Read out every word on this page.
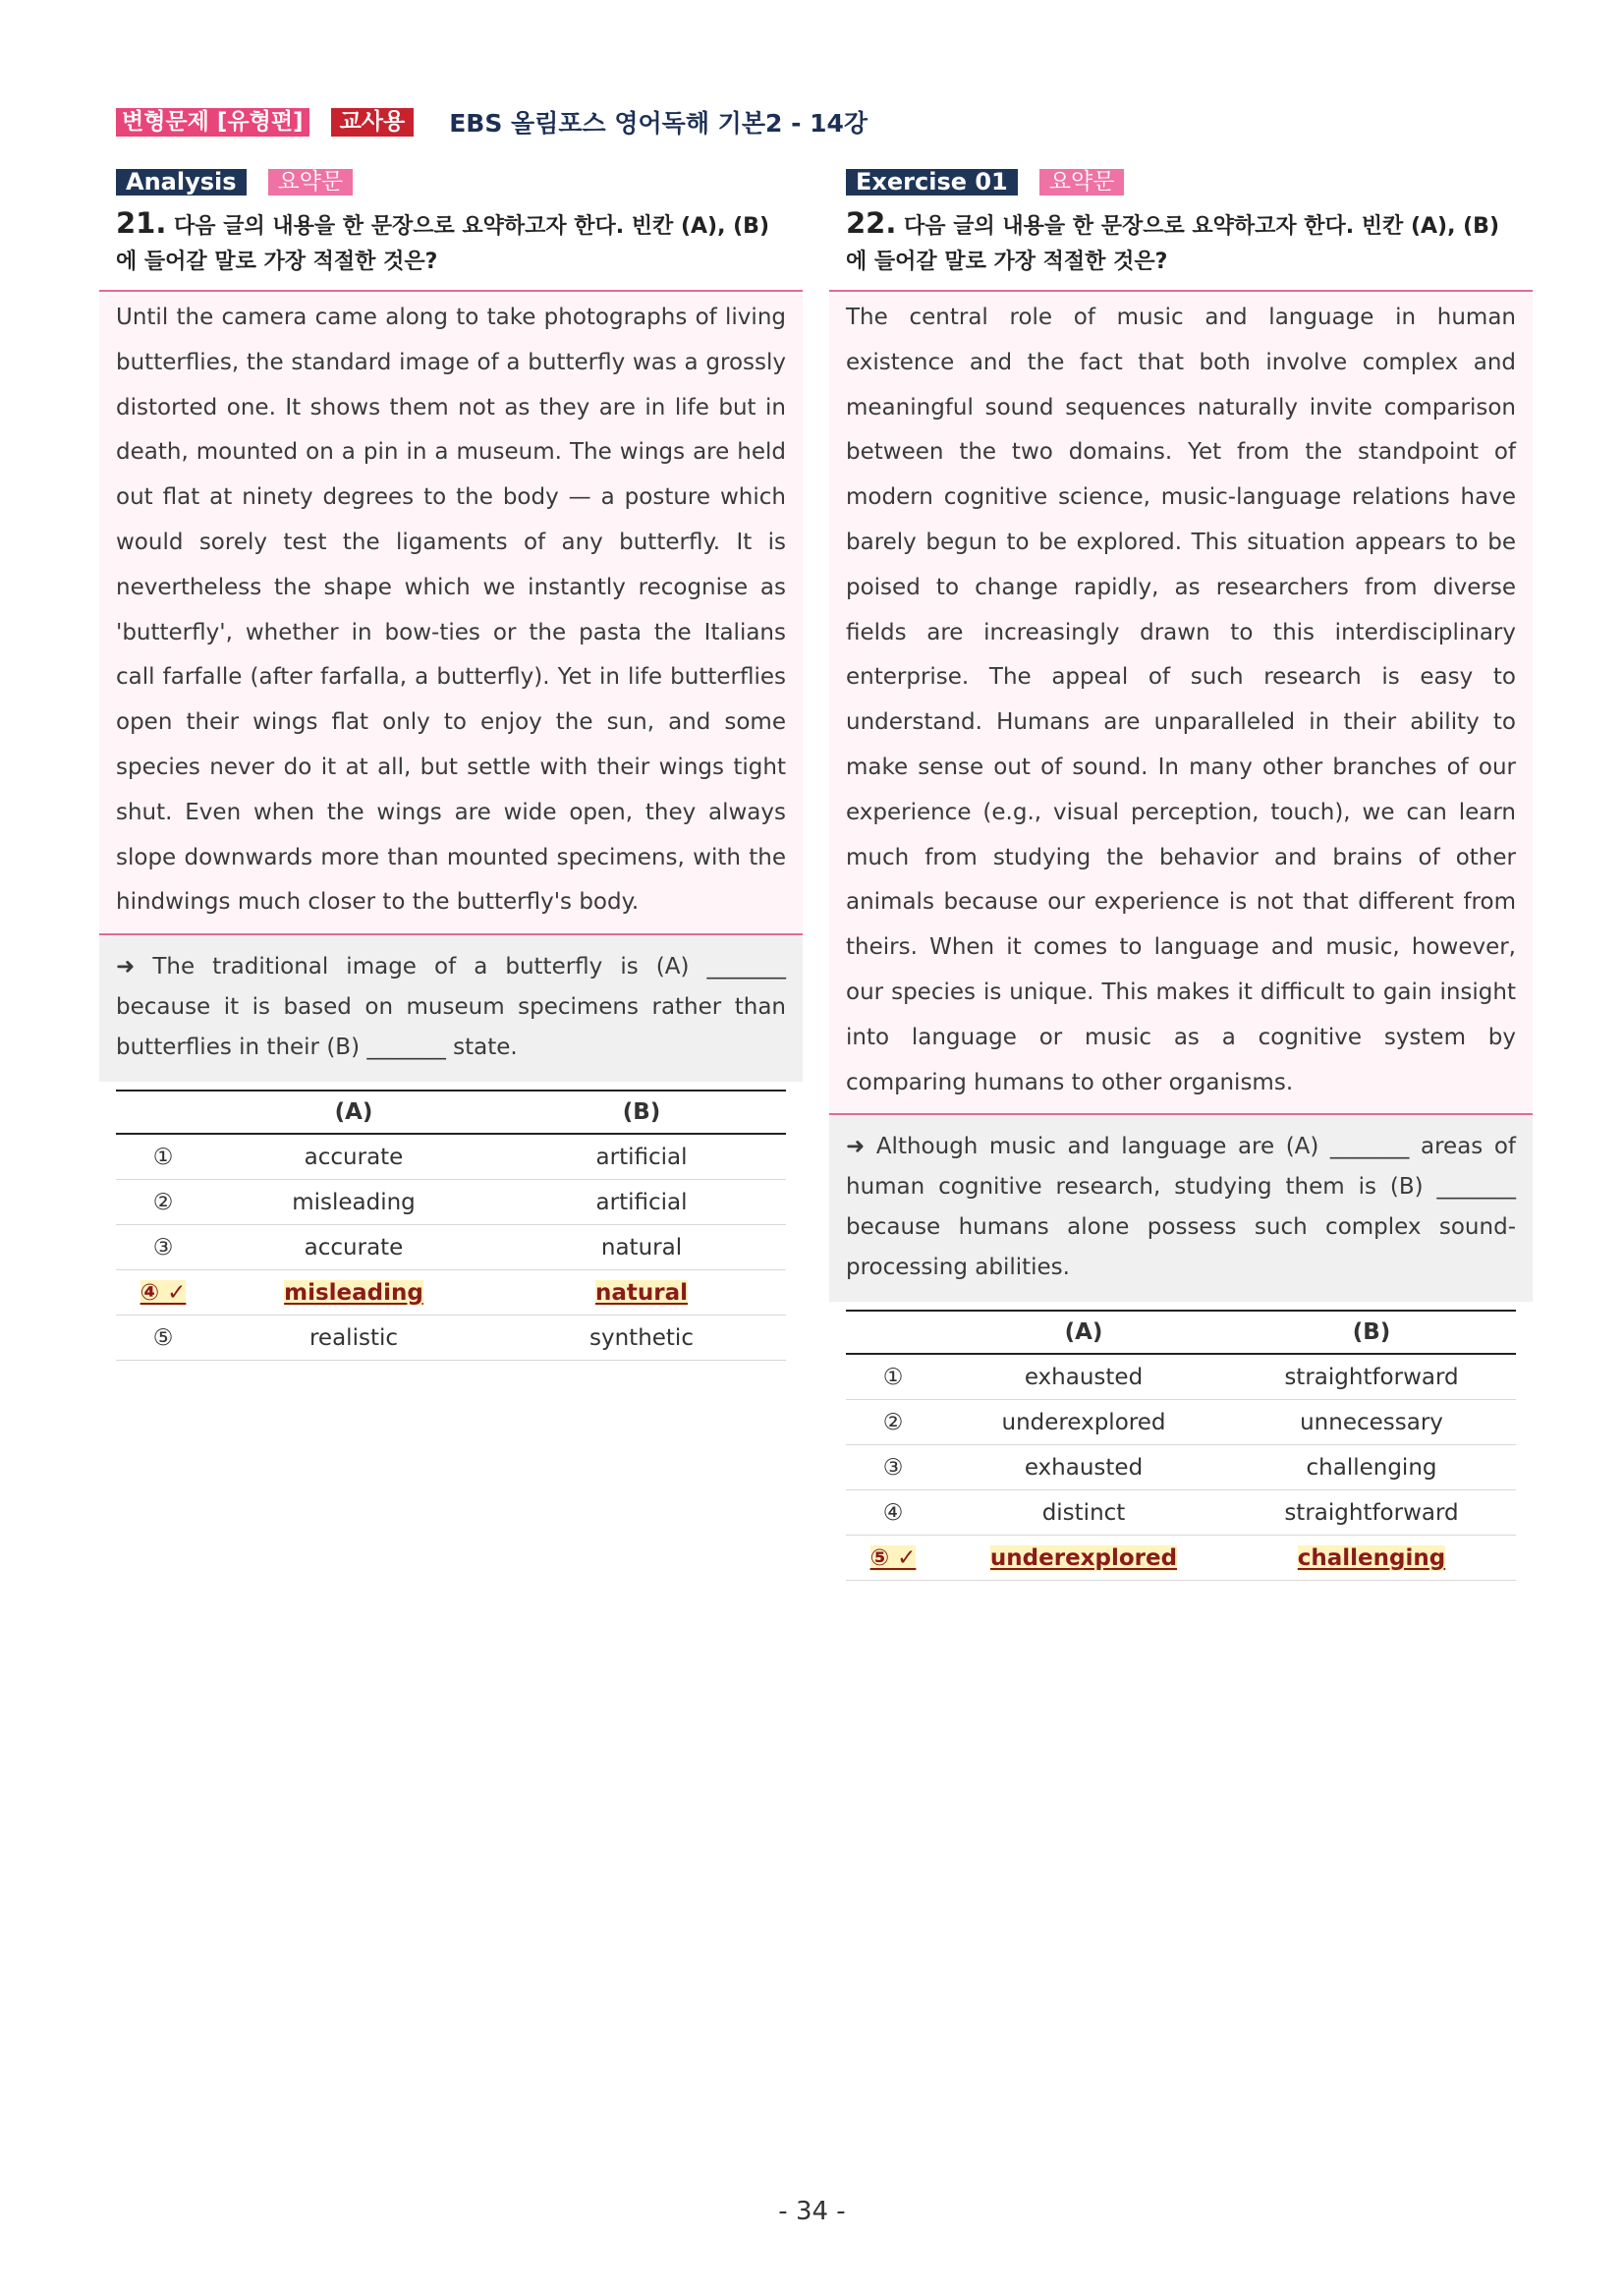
변형문제 [유형편]	교사용	EBS 올림포스 영어독해 기본2 - 14강
Analysis	요약문
21. 다음 글의 내용을 한 문장으로 요약하고자 한다. 빈칸 (A), (B)에 들어갈 말로 가장 적절한 것은?
Until the camera came along to take photographs of living butterflies, the standard image of a butterfly was a grossly distorted one. It shows them not as they are in life but in death, mounted on a pin in a museum. The wings are held out flat at ninety degrees to the body — a posture which would sorely test the ligaments of any butterfly. It is nevertheless the shape which we instantly recognise as 'butterfly', whether in bow-ties or the pasta the Italians call farfalle (after farfalla, a butterfly). Yet in life butterflies open their wings flat only to enjoy the sun, and some species never do it at all, but settle with their wings tight shut. Even when the wings are wide open, they always slope downwards more than mounted specimens, with the hindwings much closer to the butterfly's body.
➜ The traditional image of a butterfly is (A) _______ because it is based on museum specimens rather than butterflies in their (B) _______ state.
	(A)	(B)
①	accurate	artificial
②	misleading	artificial
③	accurate	natural
④ ✓	misleading	natural
⑤	realistic	synthetic
Exercise 01	요약문
22. 다음 글의 내용을 한 문장으로 요약하고자 한다. 빈칸 (A), (B)에 들어갈 말로 가장 적절한 것은?
The central role of music and language in human existence and the fact that both involve complex and meaningful sound sequences naturally invite comparison between the two domains. Yet from the standpoint of modern cognitive science, music-language relations have barely begun to be explored. This situation appears to be poised to change rapidly, as researchers from diverse fields are increasingly drawn to this interdisciplinary enterprise. The appeal of such research is easy to understand. Humans are unparalleled in their ability to make sense out of sound. In many other branches of our experience (e.g., visual perception, touch), we can learn much from studying the behavior and brains of other animals because our experience is not that different from theirs. When it comes to language and music, however, our species is unique. This makes it difficult to gain insight into language or music as a cognitive system by comparing humans to other organisms.
➜ Although music and language are (A) _______ areas of human cognitive research, studying them is (B) _______ because humans alone possess such complex sound-processing abilities.
	(A)	(B)
①	exhausted	straightforward
②	underexplored	unnecessary
③	exhausted	challenging
④	distinct	straightforward
⑤ ✓	underexplored	challenging
- 34 -
